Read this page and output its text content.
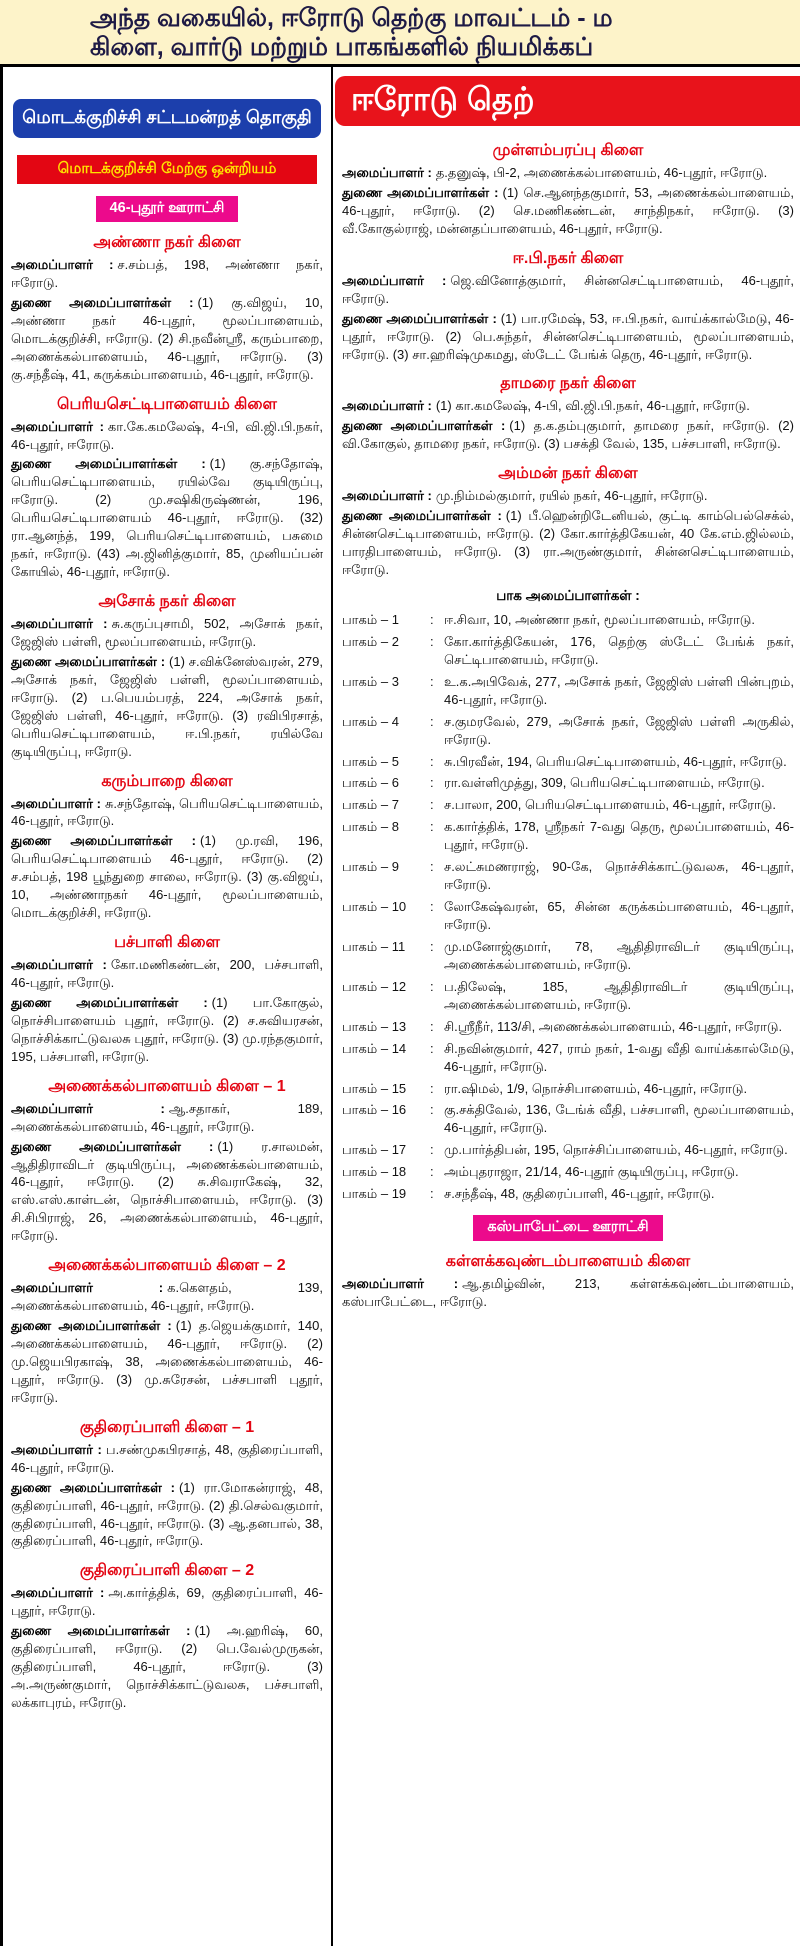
அந்த வகையில், ஈரோடு தெற்கு மாவட்டம் - ம
கிளை, வார்டு மற்றும் பாகங்களில் நியமிக்கப்
மொடக்குறிச்சி சட்டமன்றத் தொகுதி
மொடக்குறிச்சி மேற்கு ஒன்றியம்
46-புதூர் ஊராட்சி
அண்ணா நகர் கிளை

அமைப்பாளர் : ச.சம்பத், 198, அண்ணா நகர், ஈரோடு.

துணை அமைப்பாளர்கள் : (1) கு.விஜய், 10, அண்ணா நகர் 46-புதூர், மூலப்பாளையம், மொடக்குறிச்சி, ஈரோடு. (2) சி.நவீன்ஸ்ரீ, கரும்பாறை, அணைக்கல்பாளையம், 46-புதூர், ஈரோடு. (3) கு.சந்தீஷ், 41, கருக்கம்பாளையம், 46-புதூர், ஈரோடு.

பெரியசெட்டிபாளையம் கிளை

அமைப்பாளர் : கா.கே.கமலேஷ், 4-பி, வி.ஜி.பி.நகர், 46-புதூர், ஈரோடு.

துணை அமைப்பாளர்கள் : (1) கு.சந்தோஷ், பெரியசெட்டிபாளையம், ரயில்வே குடியிருப்பு, ஈரோடு. (2) மு.சஷிகிருஷ்ணன், 196, பெரியசெட்டிபாளையம் 46-புதூர், ஈரோடு. (32) ரா.ஆனந்த், 199, பெரியசெட்டிபாளையம், பசுமை நகர், ஈரோடு. (43) அ.ஜினித்குமார், 85, முனியப்பன் கோயில், 46-புதூர், ஈரோடு.

அசோக் நகர் கிளை

அமைப்பாளர் : சு.கருப்புசாமி, 502, அசோக் நகர், ஜேஜிஸ் பள்ளி, மூலப்பாளையம், ஈரோடு.

துணை அமைப்பாளர்கள் : (1) ச.விக்னேஸ்வரன், 279, அசோக் நகர், ஜேஜிஸ் பள்ளி, மூலப்பாளையம், ஈரோடு. (2) ப.பெயம்பரத், 224, அசோக் நகர், ஜேஜிஸ் பள்ளி, 46-புதூர், ஈரோடு. (3) ரவிபிரசாத், பெரியசெட்டிபாளையம், ஈ.பி.நகர், ரயில்வே குடியிருப்பு, ஈரோடு.

கரும்பாறை கிளை

அமைப்பாளர் : சு.சந்தோஷ், பெரியசெட்டிபாளையம், 46-புதூர், ஈரோடு.

துணை அமைப்பாளர்கள் : (1) மு.ரவி, 196, பெரியசெட்டிபாளையம் 46-புதூர், ஈரோடு. (2) ச.சம்பத், 198 பூந்துறை சாலை, ஈரோடு. (3) கு.விஜய், 10, அண்ணாநகர் 46-புதூர், மூலப்பாளையம், மொடக்குறிச்சி, ஈரோடு.

பச்பாளி கிளை

அமைப்பாளர் : கோ.மணிகண்டன், 200, பச்சபாளி, 46-புதூர், ஈரோடு.

துணை அமைப்பாளர்கள் : (1) பா.கோகுல், நொச்சிபாளையம் புதூர், ஈரோடு. (2) ச.சுவியரசன், நொச்சிக்காட்டுவலசு புதூர், ஈரோடு. (3) மு.ரந்தகுமார், 195, பச்சபாளி, ஈரோடு.

அணைக்கல்பாளையம் கிளை – 1

அமைப்பாளர் : ஆ.சதாகர், 189, அணைக்கல்பாளையம், 46-புதூர், ஈரோடு.

துணை அமைப்பாளர்கள் : (1) ர.சாலமன், ஆதிதிராவிடர் குடியிருப்பு, அணைக்கல்பாளையம், 46-புதூர், ஈரோடு. (2) சு.சிவராகேஷ், 32, எஸ்.எஸ்.காள்டன், நொச்சிபாளையம், ஈரோடு. (3) சி.சிபிராஜ், 26, அணைக்கல்பாளையம், 46-புதூர், ஈரோடு.

அணைக்கல்பாளையம் கிளை – 2

அமைப்பாளர் : க.கௌதம், 139, அணைக்கல்பாளையம், 46-புதூர், ஈரோடு.

துணை அமைப்பாளர்கள் : (1) த.ஜெயக்குமார், 140, அணைக்கல்பாளையம், 46-புதூர், ஈரோடு. (2) மு.ஜெயபிரகாஷ், 38, அணைக்கல்பாளையம், 46-புதூர், ஈரோடு. (3) மு.சுரேசன், பச்சபாளி புதூர், ஈரோடு.

குதிரைப்பாளி கிளை – 1

அமைப்பாளர் : ப.சண்முகபிரசாத், 48, குதிரைப்பாளி, 46-புதூர், ஈரோடு.

துணை அமைப்பாளர்கள் : (1) ரா.மோகன்ராஜ், 48, குதிரைப்பாளி, 46-புதூர், ஈரோடு. (2) தி.செல்வகுமார், குதிரைப்பாளி, 46-புதூர், ஈரோடு. (3) ஆ.தனபால், 38, குதிரைப்பாளி, 46-புதூர், ஈரோடு.

குதிரைப்பாளி கிளை – 2

அமைப்பாளர் : அ.கார்த்திக், 69, குதிரைப்பாளி, 46-புதூர், ஈரோடு.

துணை அமைப்பாளர்கள் : (1) அ.ஹரிஷ், 60, குதிரைப்பாளி, ஈரோடு. (2) பெ.வேல்முருகன், குதிரைப்பாளி, 46-புதூர், ஈரோடு. (3) அ.அருண்குமார், நொச்சிக்காட்டுவலசு, பச்சபாளி, லக்காபுரம், ஈரோடு.

ஈரோடு தெற்
முள்ளம்பரப்பு கிளை

அமைப்பாளர் : த.தனுஷ், பி-2, அணைக்கல்பாளையம், 46-புதூர், ஈரோடு.

துணை அமைப்பாளர்கள் : (1) செ.ஆனந்தகுமார், 53, அணைக்கல்பாளையம், 46-புதூர், ஈரோடு. (2) செ.மணிகண்டன், சாந்திநகர், ஈரோடு. (3) வீ.கோகுல்ராஜ், மன்னதப்பாளையம், 46-புதூர், ஈரோடு.

ஈ.பி.நகர் கிளை

அமைப்பாளர் : ஜெ.வினோத்குமார், சின்னசெட்டிபாளையம், 46-புதூர், ஈரோடு.

துணை அமைப்பாளர்கள் : (1) பா.ரமேஷ், 53, ஈ.பி.நகர், வாய்க்கால்மேடு, 46-புதூர், ஈரோடு. (2) பெ.சுந்தர், சின்னசெட்டிபாளையம், மூலப்பாளையம், ஈரோடு. (3) சா.ஹரிஷ்முகமது, ஸ்டேட் பேங்க் தெரு, 46-புதூர், ஈரோடு.

தாமரை நகர் கிளை

அமைப்பாளர் : (1) கா.கமலேஷ், 4-பி, வி.ஜி.பி.நகர், 46-புதூர், ஈரோடு.

துணை அமைப்பாளர்கள் : (1) த.க.தம்புகுமார், தாமரை நகர், ஈரோடு. (2) வி.கோகுல், தாமரை நகர், ஈரோடு. (3) பசக்தி வேல், 135, பச்சபாளி, ஈரோடு.

அம்மன் நகர் கிளை

அமைப்பாளர் : மு.நிம்மல்குமார், ரயில் நகர், 46-புதூர், ஈரோடு.

துணை அமைப்பாளர்கள் : (1) பீ.ஹென்றிடேனியல், குட்டி காம்பெல்செக்ல், சின்னசெட்டிபாளையம், ஈரோடு. (2) கோ.கார்த்திகேயன், 40 கே.எம்.ஜில்லம், பாரதிபாளையம், ஈரோடு. (3) ரா.அருண்குமார், சின்னசெட்டிபாளையம், ஈரோடு.

பாக அமைப்பாளர்கள் :
பாகம் – 1	: ஈ.சிவா, 10, அண்ணா நகர், மூலப்பாளையம், ஈரோடு.
பாகம் – 2	: கோ.கார்த்திகேயன், 176, தெற்கு ஸ்டேட் பேங்க் நகர், செட்டிபாளையம், ஈரோடு.
பாகம் – 3	: உ.க.அபிவேக், 277, அசோக் நகர், ஜேஜிஸ் பள்ளி பின்புறம், 46-புதூர், ஈரோடு.
பாகம் – 4	: ச.குமரவேல், 279, அசோக் நகர், ஜேஜிஸ் பள்ளி அருகில், ஈரோடு.
பாகம் – 5	: சு.பிரவீன், 194, பெரியசெட்டிபாளையம், 46-புதூர், ஈரோடு.
பாகம் – 6	: ரா.வள்ளிமுத்து, 309, பெரியசெட்டிபாளையம், ஈரோடு.
பாகம் – 7	: ச.பாலா, 200, பெரியசெட்டிபாளையம், 46-புதூர், ஈரோடு.
பாகம் – 8	: க.கார்த்திக், 178, ஸ்ரீநகர் 7-வது தெரு, மூலப்பாளையம், 46-புதூர், ஈரோடு.
பாகம் – 9	: ச.லட்சுமணராஜ், 90-கே, நொச்சிக்காட்டுவலசு, 46-புதூர், ஈரோடு.
பாகம் – 10	: லோகேஷ்வரன், 65, சின்ன கருக்கம்பாளையம், 46-புதூர், ஈரோடு.
பாகம் – 11	: மு.மனோஜ்குமார், 78, ஆதிதிராவிடர் குடியிருப்பு, அணைக்கல்பாளையம், ஈரோடு.
பாகம் – 12	: ப.திலேஷ், 185, ஆதிதிராவிடர் குடியிருப்பு, அணைக்கல்பாளையம், ஈரோடு.
பாகம் – 13	: சி.ஸ்ரீநீர், 113/சி, அணைக்கல்பாளையம், 46-புதூர், ஈரோடு.
பாகம் – 14	: சி.நவின்குமார், 427, ராம் நகர், 1-வது வீதி வாய்க்கால்மேடு, 46-புதூர், ஈரோடு.
பாகம் – 15	: ரா.ஷிமல், 1/9, நொச்சிபாளையம், 46-புதூர், ஈரோடு.
பாகம் – 16	: கு.சக்திவேல், 136, டேங்க் வீதி, பச்சபாளி, மூலப்பாளையம், 46-புதூர், ஈரோடு.
பாகம் – 17	: மு.பார்த்திபன், 195, நொச்சிப்பாளையம், 46-புதூர், ஈரோடு.
பாகம் – 18	: அம்புதராஜா, 21/14, 46-புதூர் குடியிருப்பு, ஈரோடு.
பாகம் – 19	: ச.சந்தீஷ், 48, குதிரைப்பாளி, 46-புதூர், ஈரோடு.
கஸ்பாபேட்டை ஊராட்சி
கள்ளக்கவுண்டம்பாளையம் கிளை

அமைப்பாளர் : ஆ.தமிழ்வின், 213, கள்ளக்கவுண்டம்பாளையம், கஸ்பாபேட்டை, ஈரோடு.
